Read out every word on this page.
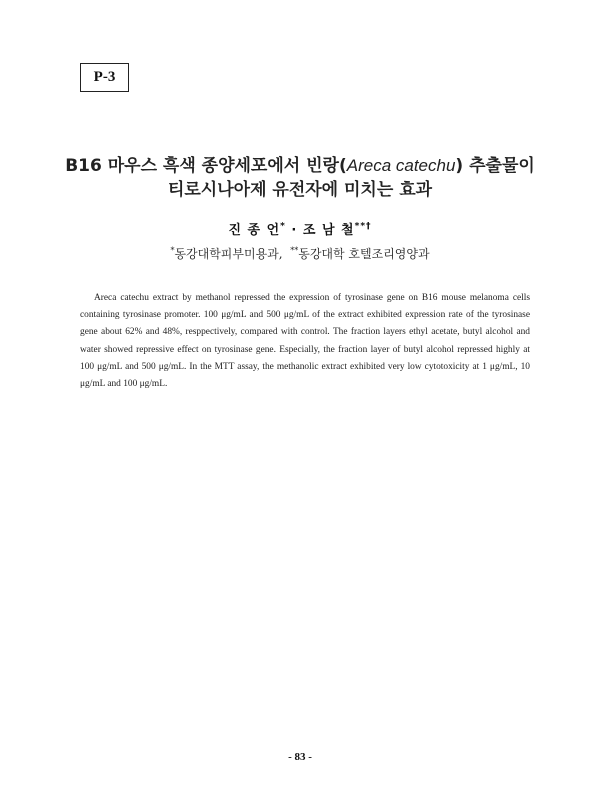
P-3
B16 마우스 흑색 종양세포에서 빈랑(Areca catechu) 추출물이
티로시나아제 유전자에 미치는 효과
진 종 언* · 조 남 철**†
*동강대학피부미용과, **동강대학 호텔조리영양과

Areca catechu extract by methanol repressed the expression of tyrosinase gene on B16 mouse melanoma cells containing tyrosinase promoter. 100 μg/mL and 500 μg/mL of the extract exhibited expression rate of the tyrosinase gene about 62% and 48%, resppectively, compared with control. The fraction layers ethyl acetate, butyl alcohol and water showed repressive effect on tyrosinase gene. Especially, the fraction layer of butyl alcohol repressed highly at 100 μg/mL and 500 μg/mL. In the MTT assay, the methanolic extract exhibited very low cytotoxicity at 1 μg/mL, 10 μg/mL and 100 μg/mL.

- 83 -
